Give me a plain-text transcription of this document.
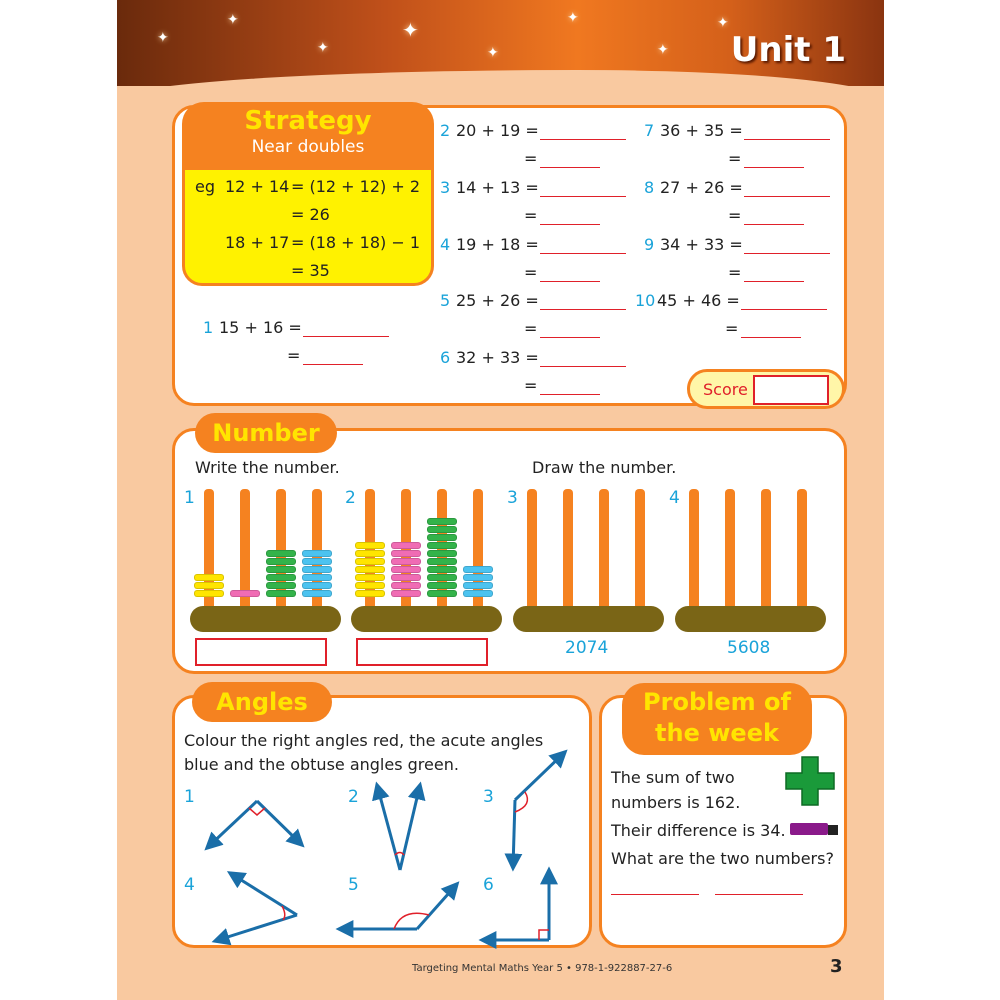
✦
✦
✦
✦
✦
✦
✦
✦
Unit 1
Strategy
Near doubles
eg 12 + 14 = (12 + 12) + 2
= 26
18 + 17 = (18 + 18) − 1
= 35
1 15 + 16 =
=
2 20 + 19 =
=
3 14 + 13 =
=
4 19 + 18 =
=
5 25 + 26 =
=
6 32 + 33 =
=
7 36 + 35 =
=
8 27 + 26 =
=
9 34 + 33 =
=
10 45 + 46 =
=
Score
Number
Write the number.	Draw the number.
1	2	3
2074
4
5608
Angles
Colour the right angles red, the acute angles
blue and the obtuse angles green.
1	2	3
4	5	6
Problem of
the week
The sum of two
numbers is 162.
Their difference is 34.
What are the two numbers?
Targeting Mental Maths Year 5 • 978-1-922887-27-6	3
